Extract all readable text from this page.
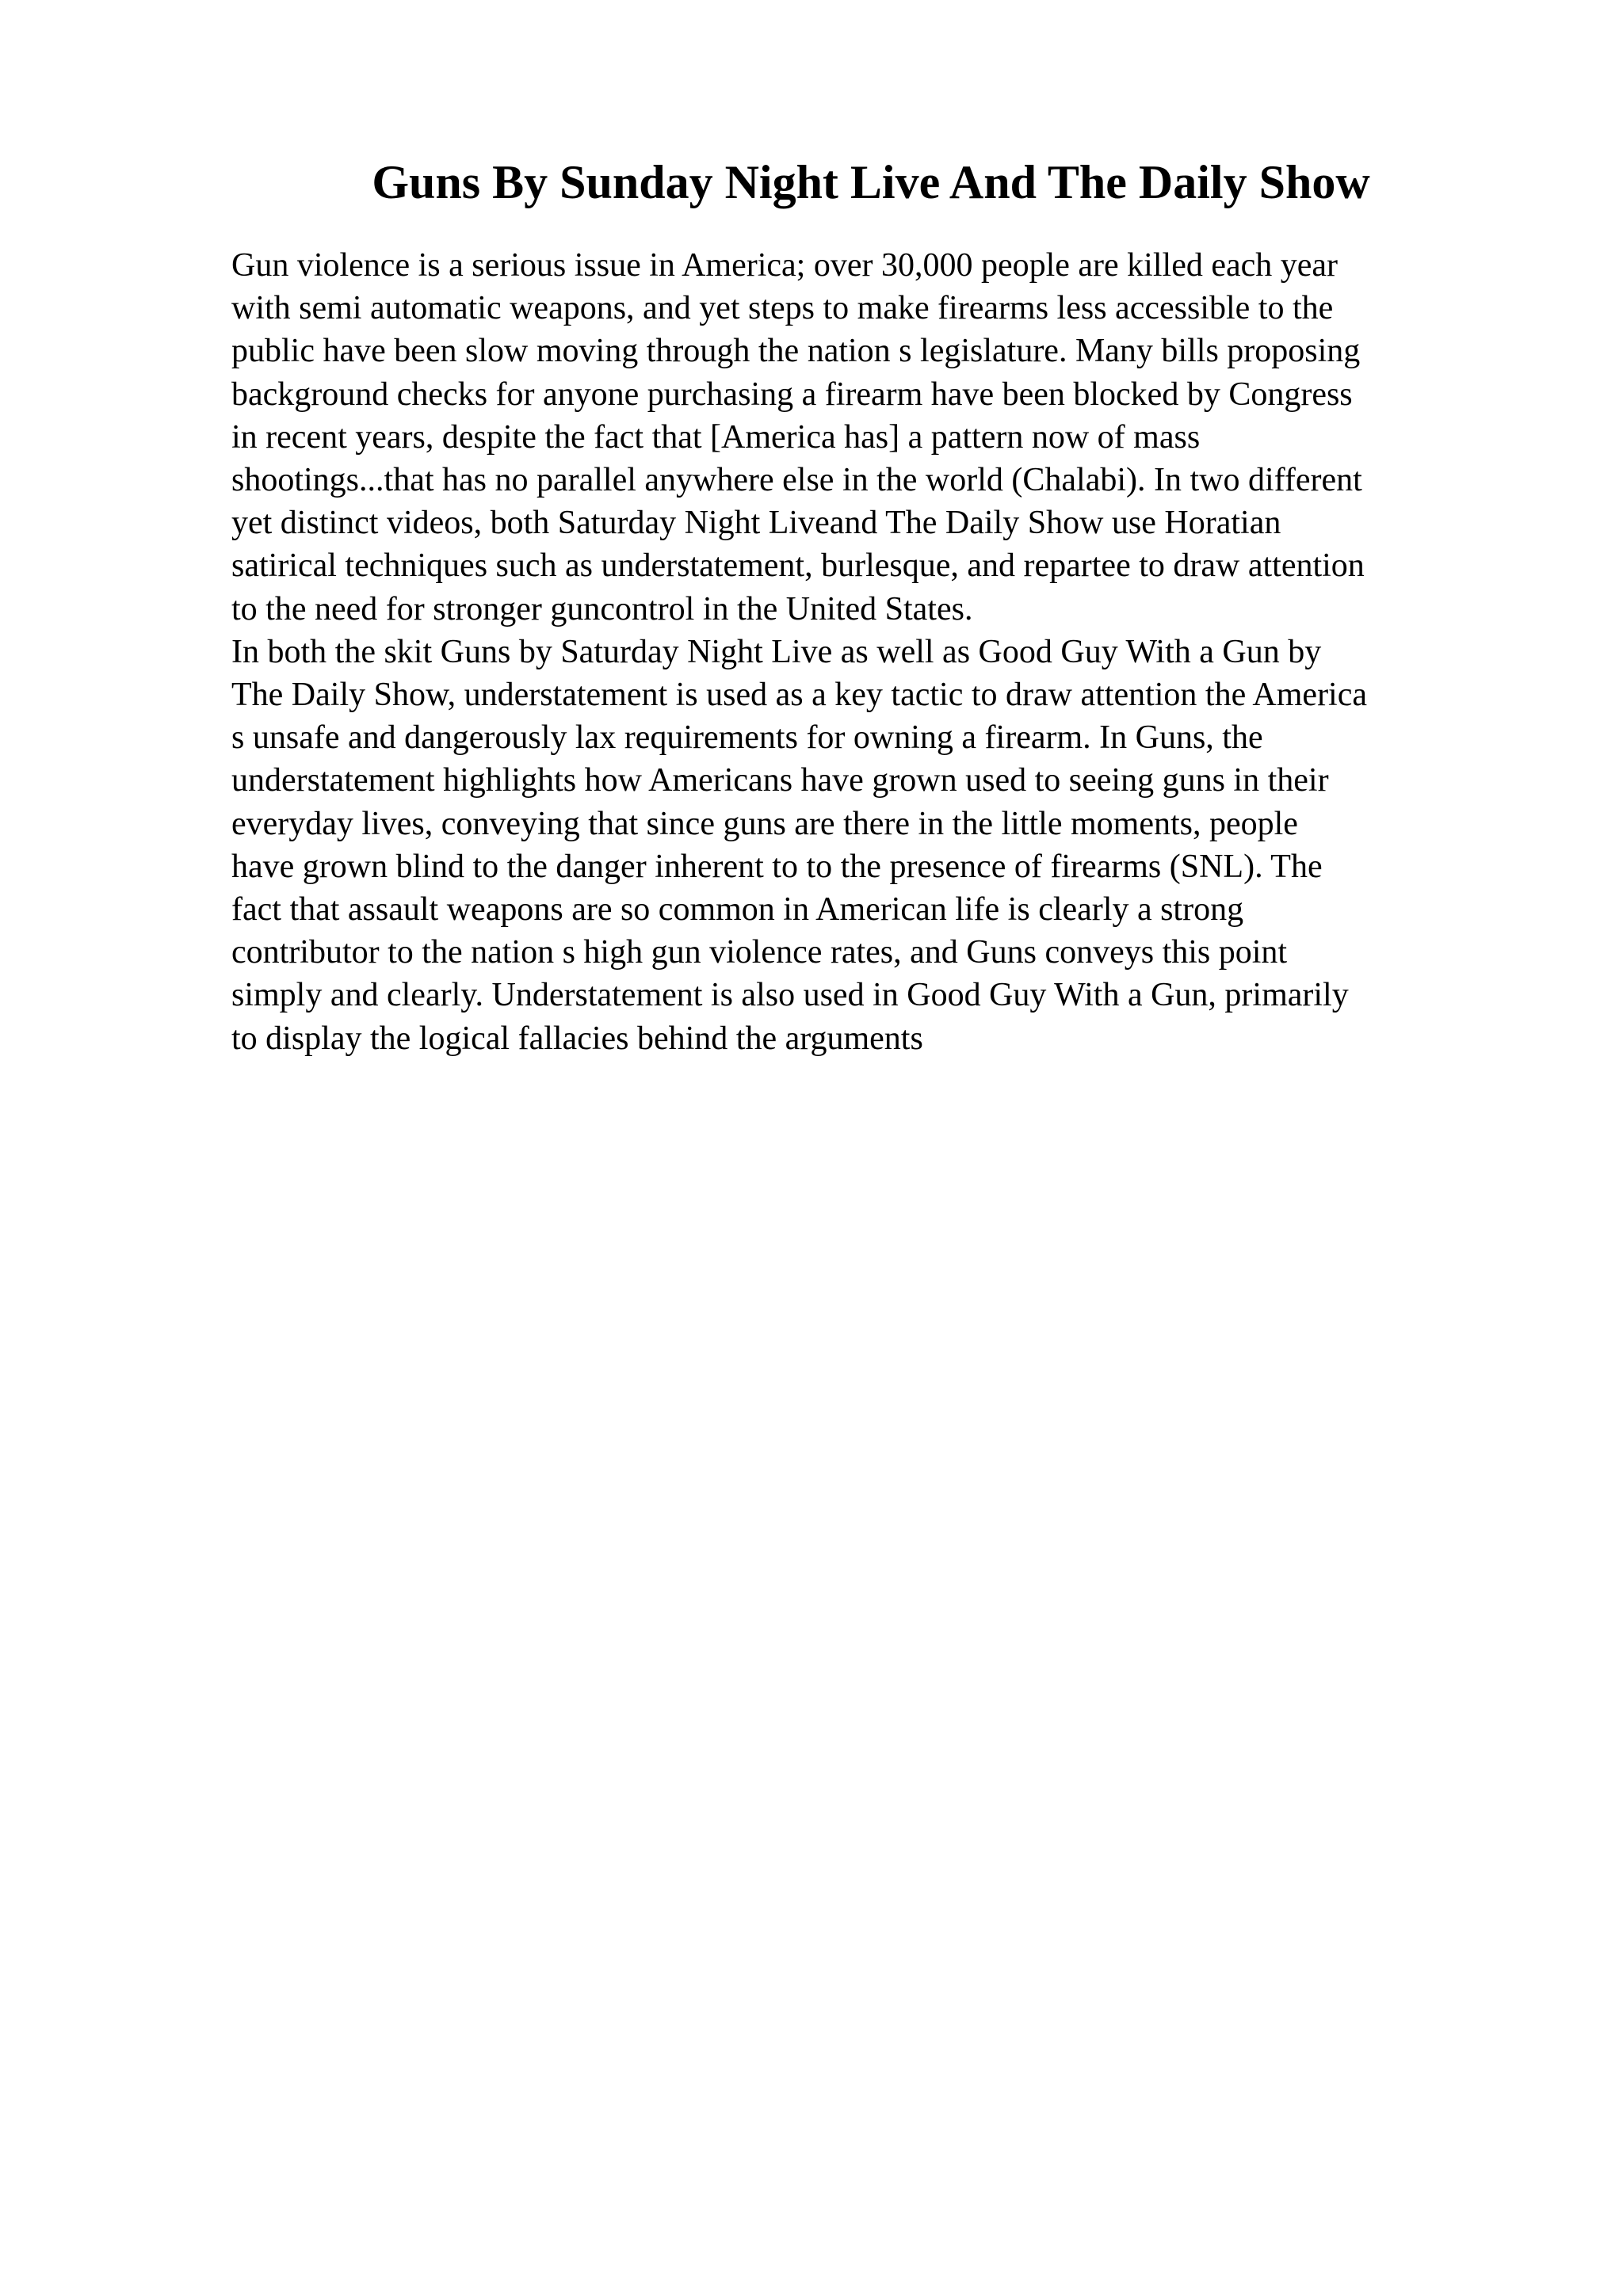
Guns By Sunday Night Live And The Daily Show
Gun violence is a serious issue in America; over 30,000 people are killed each year
with semi automatic weapons, and yet steps to make firearms less accessible to the
public have been slow moving through the nation s legislature. Many bills proposing
background checks for anyone purchasing a firearm have been blocked by Congress
in recent years, despite the fact that [America has] a pattern now of mass
shootings...that has no parallel anywhere else in the world (Chalabi). In two different
yet distinct videos, both Saturday Night Liveand The Daily Show use Horatian
satirical techniques such as understatement, burlesque, and repartee to draw attention
to the need for stronger guncontrol in the United States.
In both the skit Guns by Saturday Night Live as well as Good Guy With a Gun by
The Daily Show, understatement is used as a key tactic to draw attention the America
s unsafe and dangerously lax requirements for owning a firearm. In Guns, the
understatement highlights how Americans have grown used to seeing guns in their
everyday lives, conveying that since guns are there in the little moments, people
have grown blind to the danger inherent to to the presence of firearms (SNL). The
fact that assault weapons are so common in American life is clearly a strong
contributor to the nation s high gun violence rates, and Guns conveys this point
simply and clearly. Understatement is also used in Good Guy With a Gun, primarily
to display the logical fallacies behind the arguments
